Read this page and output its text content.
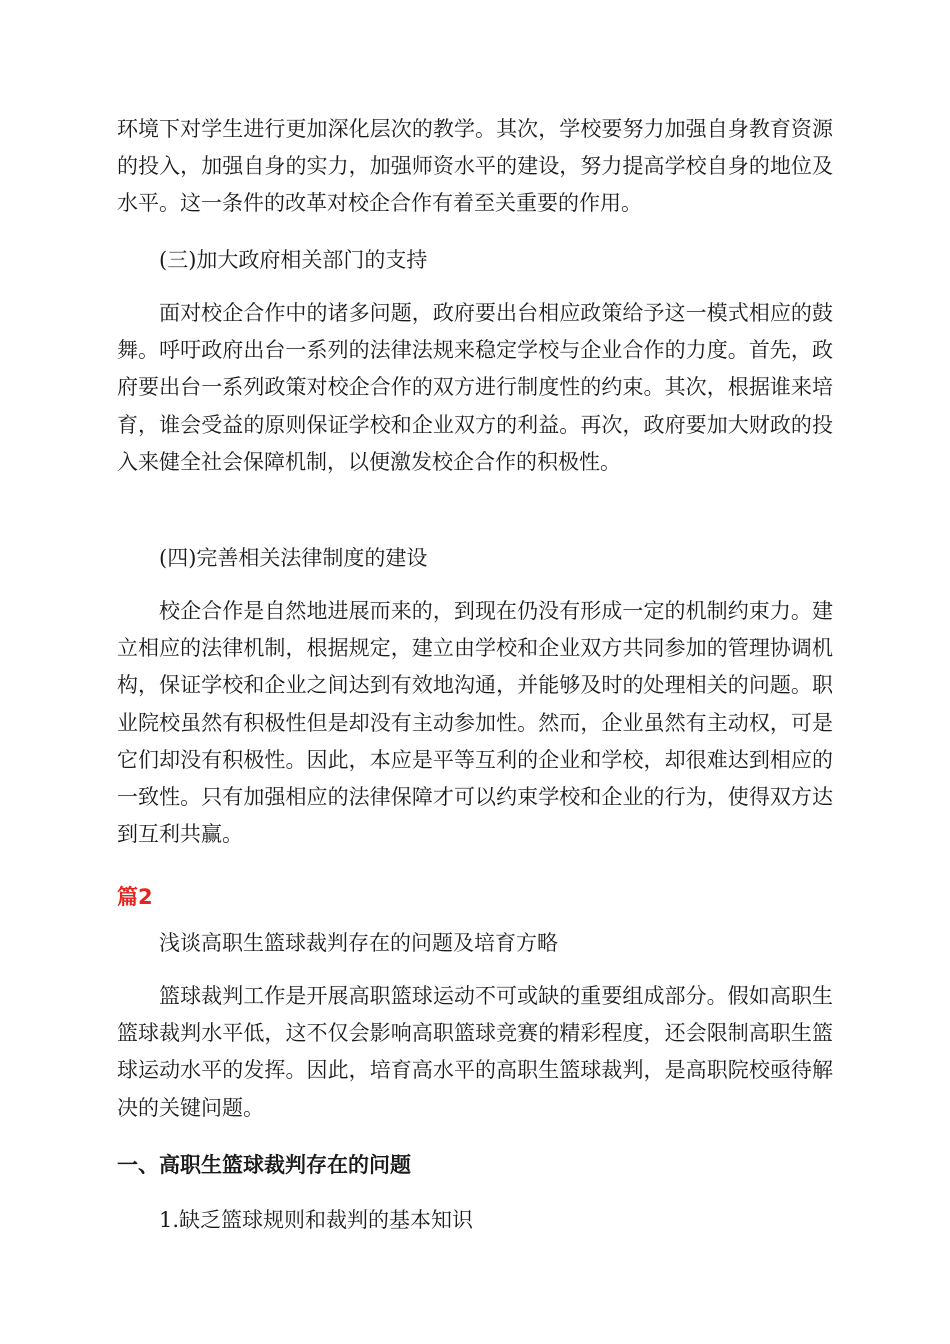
环境下对学生进行更加深化层次的教学。其次，学校要努力加强自身教育资源的投入，加强自身的实力，加强师资水平的建设，努力提高学校自身的地位及水平。这一条件的改革对校企合作有着至关重要的作用。

(三)加大政府相关部门的支持

面对校企合作中的诸多问题，政府要出台相应政策给予这一模式相应的鼓舞。呼吁政府出台一系列的法律法规来稳定学校与企业合作的力度。首先，政府要出台一系列政策对校企合作的双方进行制度性的约束。其次，根据谁来培育，谁会受益的原则保证学校和企业双方的利益。再次，政府要加大财政的投入来健全社会保障机制，以便激发校企合作的积极性。

(四)完善相关法律制度的建设

校企合作是自然地进展而来的，到现在仍没有形成一定的机制约束力。建立相应的法律机制，根据规定，建立由学校和企业双方共同参加的管理协调机构，保证学校和企业之间达到有效地沟通，并能够及时的处理相关的问题。职业院校虽然有积极性但是却没有主动参加性。然而，企业虽然有主动权，可是它们却没有积极性。因此，本应是平等互利的企业和学校，却很难达到相应的一致性。只有加强相应的法律保障才可以约束学校和企业的行为，使得双方达到互利共赢。

篇2

浅谈高职生篮球裁判存在的问题及培育方略

篮球裁判工作是开展高职篮球运动不可或缺的重要组成部分。假如高职生篮球裁判水平低，这不仅会影响高职篮球竞赛的精彩程度，还会限制高职生篮球运动水平的发挥。因此，培育高水平的高职生篮球裁判，是高职院校亟待解决的关键问题。

一、高职生篮球裁判存在的问题

1.缺乏篮球规则和裁判的基本知识
